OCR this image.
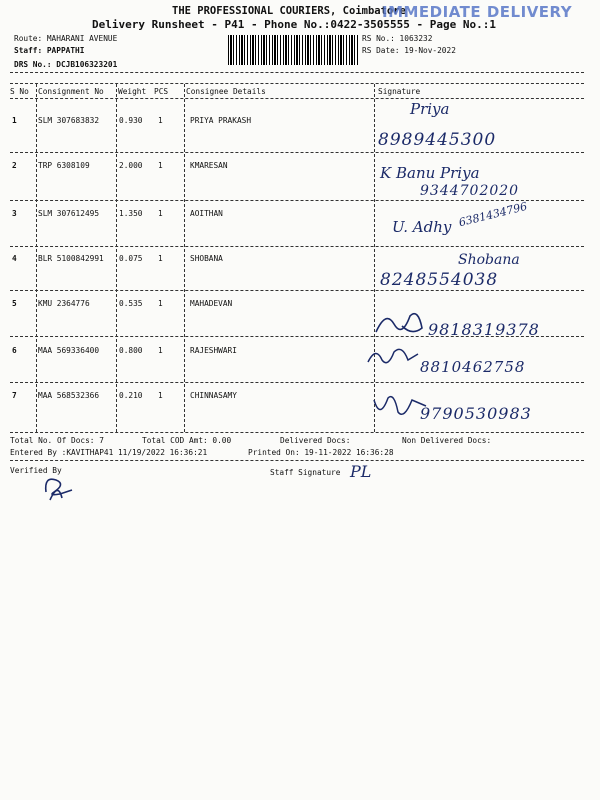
THE PROFESSIONAL COURIERS, Coimbatore
IMMEDIATE DELIVERY
Delivery Runsheet - P41 - Phone No.:0422-3505555 - Page No.:1
Route: MAHARANI AVENUE
Staff: PAPPATHI
DRS No.: DCJB106323201
RS No.: 1063232
RS Date: 19-Nov-2022
S No Consignment No Weight PCS Consignee Details	Signature
1	SLM 307683832	0.930 1	PRIYA PRAKASH
Priya
8989445300
2	TRP 6308109	2.000 1	KMARESAN	K Banu Priya
9344702020
3	SLM 307612495	1.350 1	AOITHAN
U. Adhy 6381434796
4	BLR 5100842991 0.075 1	SHOBANA	Shobana
8248554038
5	KMU 2364776	0.535 1	MAHADEVAN
9818319378
6	MAA 569336400	0.800 1	RAJESHWARI
8810462758
7	MAA 568532366	0.210 1	CHINNASAMY
9790530983
Total No. Of Docs: 7	Total COD Amt: 0.00	Delivered Docs:	Non Delivered Docs:
Entered By :KAVITHAP41 11/19/2022 16:36:21	Printed On: 19-11-2022 16:36:28
Verified By	Staff Signature PL
